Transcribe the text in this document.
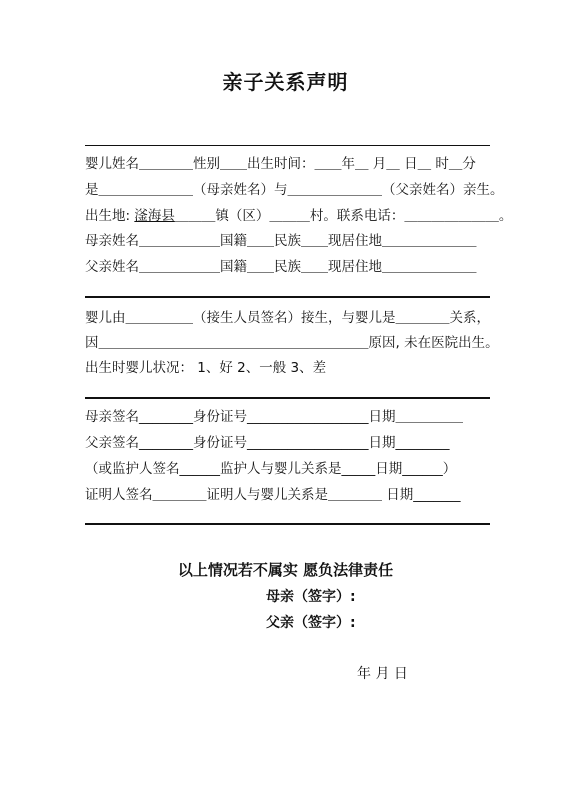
亲子关系声明
婴儿姓名＿＿＿＿性别＿＿出生时间：＿＿年＿ 月＿ 日＿ 时＿分
是＿＿＿＿＿＿＿（母亲姓名）与＿＿＿＿＿＿＿（父亲姓名）亲生。
出生地: 滏海县＿＿＿镇（区）＿＿＿村。联系电话：＿＿＿＿＿＿＿。
母亲姓名＿＿＿＿＿＿国籍＿＿民族＿＿现居住地＿＿＿＿＿＿＿
父亲姓名＿＿＿＿＿＿国籍＿＿民族＿＿现居住地＿＿＿＿＿＿＿
婴儿由＿＿＿＿＿（接生人员签名）接生，与婴儿是＿＿＿＿关系，
因＿＿＿＿＿＿＿＿＿＿＿＿＿＿＿＿＿＿＿＿原因, 未在医院出生。
出生时婴儿状况： 1、好 2、一般 3、差
母亲签名________身份证号__________________日期＿＿＿＿＿
父亲签名________身份证号__________________日期________
（或监护人签名______监护人与婴儿关系是_____日期______）
证明人签名＿＿＿＿证明人与婴儿关系是＿＿＿＿ 日期_______
以上情况若不属实 愿负法律责任
母亲（签字）:
父亲（签字）:
年 月 日
